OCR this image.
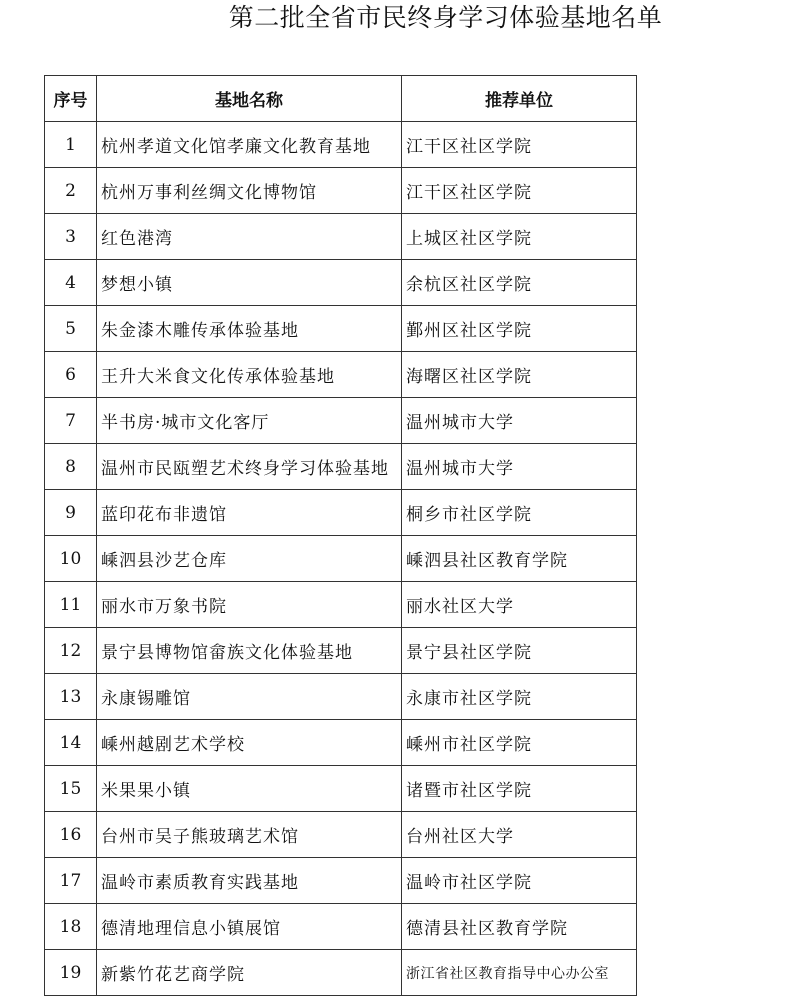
第二批全省市民终身学习体验基地名单
序号	基地名称	推荐单位
1	杭州孝道文化馆孝廉文化教育基地	江干区社区学院
2	杭州万事利丝绸文化博物馆	江干区社区学院
3	红色港湾	上城区社区学院
4	梦想小镇	余杭区社区学院
5	朱金漆木雕传承体验基地	鄞州区社区学院
6	王升大米食文化传承体验基地	海曙区社区学院
7	半书房·城市文化客厅	温州城市大学
8	温州市民瓯塑艺术终身学习体验基地	温州城市大学
9	蓝印花布非遗馆	桐乡市社区学院
10	嵊泗县沙艺仓库	嵊泗县社区教育学院
11	丽水市万象书院	丽水社区大学
12	景宁县博物馆畲族文化体验基地	景宁县社区学院
13	永康锡雕馆	永康市社区学院
14	嵊州越剧艺术学校	嵊州市社区学院
15	米果果小镇	诸暨市社区学院
16	台州市吴子熊玻璃艺术馆	台州社区大学
17	温岭市素质教育实践基地	温岭市社区学院
18	德清地理信息小镇展馆	德清县社区教育学院
19	新紫竹花艺商学院	浙江省社区教育指导中心办公室
